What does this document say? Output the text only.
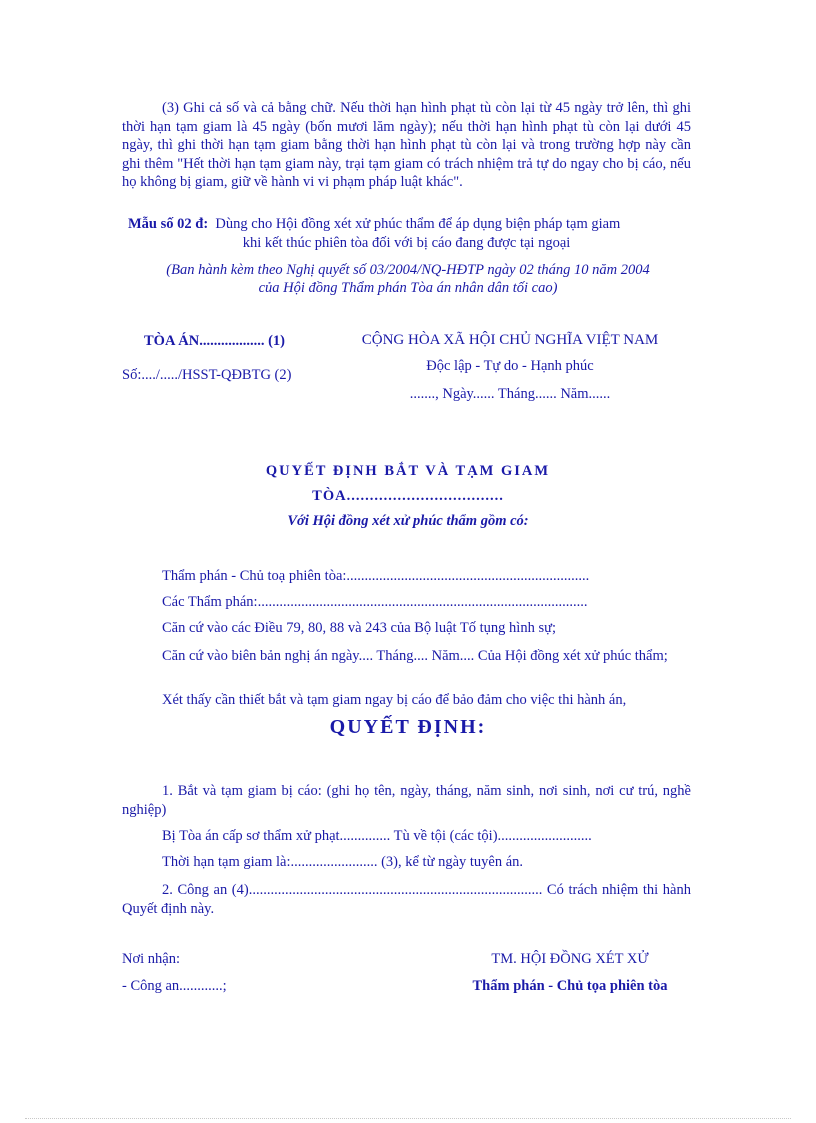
(3) Ghi cả số và cả bằng chữ. Nếu thời hạn hình phạt tù còn lại từ 45 ngày trở lên, thì ghi thời hạn tạm giam là 45 ngày (bốn mươi lăm ngày); nếu thời hạn hình phạt tù còn lại dưới 45 ngày, thì ghi thời hạn tạm giam bằng thời hạn hình phạt tù còn lại và trong trường hợp này cần ghi thêm "Hết thời hạn tạm giam này, trại tạm giam có trách nhiệm trả tự do ngay cho bị cáo, nếu họ không bị giam, giữ về hành vi vi phạm pháp luật khác".
Mẫu số 02 đ: Dùng cho Hội đồng xét xử phúc thẩm để áp dụng biện pháp tạm giam
khi kết thúc phiên tòa đối với bị cáo đang được tại ngoại
(Ban hành kèm theo Nghị quyết số 03/2004/NQ-HĐTP ngày 02 tháng 10 năm 2004
của Hội đồng Thẩm phán Tòa án nhân dân tối cao)
TÒA ÁN.................. (1)
Số:..../...../HSST-QĐBTG (2)
CỘNG HÒA XÃ HỘI CHỦ NGHĨA VIỆT NAM
Độc lập - Tự do - Hạnh phúc
......., Ngày...... Tháng...... Năm......
QUYẾT ĐỊNH BẮT VÀ TẠM GIAM
TÒA..................................
Với Hội đồng xét xử phúc thẩm gồm có:
Thẩm phán - Chủ toạ phiên tòa:...................................................................
Các Thẩm phán:...........................................................................................
Căn cứ vào các Điều 79, 80, 88 và 243 của Bộ luật Tố tụng hình sự;
Căn cứ vào biên bản nghị án ngày.... Tháng.... Năm.... Của Hội đồng xét xử phúc thẩm;
Xét thấy cần thiết bắt và tạm giam ngay bị cáo để bảo đảm cho việc thi hành án,
QUYẾT ĐỊNH:
1. Bắt và tạm giam bị cáo: (ghi họ tên, ngày, tháng, năm sinh, nơi sinh, nơi cư trú, nghề nghiệp)
Bị Tòa án cấp sơ thẩm xử phạt.............. Tù về tội (các tội)..........................
Thời hạn tạm giam là:........................ (3), kể từ ngày tuyên án.
2. Công an (4)................................................................................. Có trách nhiệm thi hành Quyết định này.
Nơi nhận:
- Công an............;
TM. HỘI ĐỒNG XÉT XỬ
Thẩm phán - Chủ tọa phiên tòa
